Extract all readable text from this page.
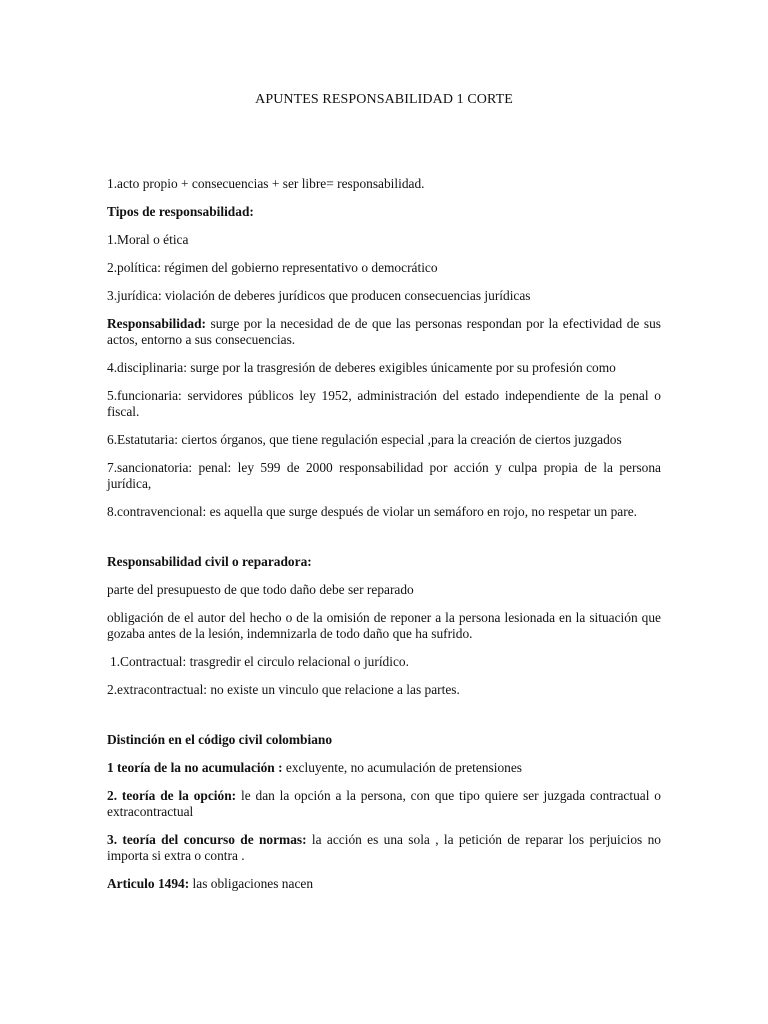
APUNTES RESPONSABILIDAD 1 CORTE

1.acto propio + consecuencias + ser libre= responsabilidad.

Tipos de responsabilidad:

1.Moral o ética

2.política: régimen del gobierno representativo o democrático

3.jurídica: violación de deberes jurídicos que producen consecuencias jurídicas

Responsabilidad: surge por la necesidad de de que las personas respondan por la efectividad de sus actos, entorno a sus consecuencias.

4.disciplinaria: surge por la trasgresión de deberes exigibles únicamente por su profesión como

5.funcionaria: servidores públicos ley 1952, administración del estado independiente de la penal o fiscal.

6.Estatutaria: ciertos órganos, que tiene regulación especial ,para la creación de ciertos juzgados

7.sancionatoria: penal: ley 599 de 2000 responsabilidad por acción y culpa propia de la persona jurídica,

8.contravencional: es aquella que surge después de violar un semáforo en rojo, no respetar un pare.

Responsabilidad civil o reparadora:

parte del presupuesto de que todo daño debe ser reparado

obligación de el autor del hecho o de la omisión de reponer a la persona lesionada en la situación que gozaba antes de la lesión, indemnizarla de todo daño que ha sufrido.

1.Contractual: trasgredir el circulo relacional o jurídico.

2.extracontractual: no existe un vinculo que relacione a las partes.

Distinción en el código civil colombiano

1 teoría de la no acumulación : excluyente, no acumulación de pretensiones

2. teoría de la opción: le dan la opción a la persona, con que tipo quiere ser juzgada contractual o extracontractual

3. teoría del concurso de normas: la acción es una sola , la petición de reparar los perjuicios no importa si extra o contra .

Articulo 1494: las obligaciones nacen
